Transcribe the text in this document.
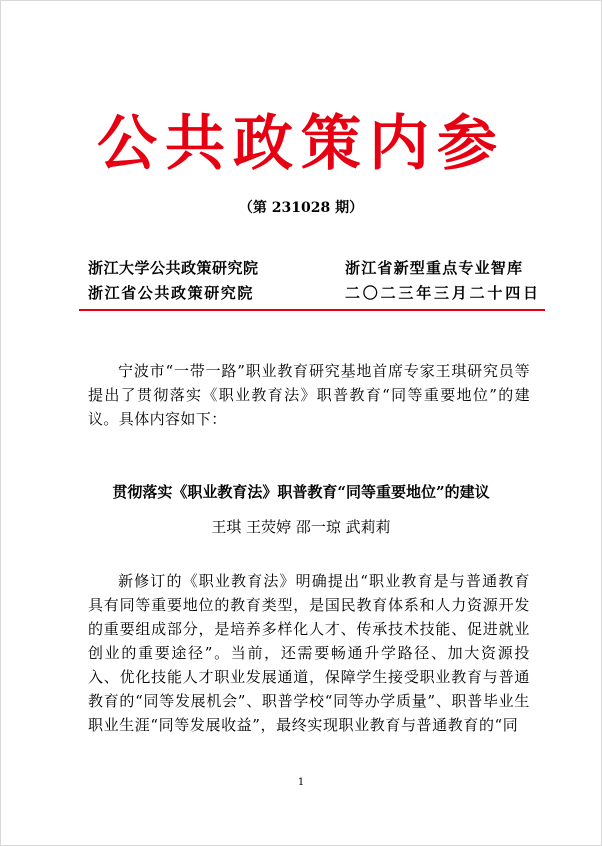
公共政策内参
（第 231028 期）
浙江大学公共政策研究院
浙江省公共政策研究院
浙江省新型重点专业智库
二〇二三年三月二十四日
宁波市“一带一路”职业教育研究基地首席专家王琪研究员等提出了贯彻落实《职业教育法》职普教育“同等重要地位”的建议。具体内容如下：
贯彻落实《职业教育法》职普教育“同等重要地位”的建议
王琪 王荧婷 邵一琼 武莉莉
新修订的《职业教育法》明确提出“职业教育是与普通教育具有同等重要地位的教育类型，是国民教育体系和人力资源开发的重要组成部分，是培养多样化人才、传承技术技能、促进就业创业的重要途径”。当前，还需要畅通升学路径、加大资源投入、优化技能人才职业发展通道，保障学生接受职业教育与普通教育的“同等发展机会”、职普学校“同等办学质量”、职普毕业生职业生涯“同等发展收益”，最终实现职业教育与普通教育的“同
1
